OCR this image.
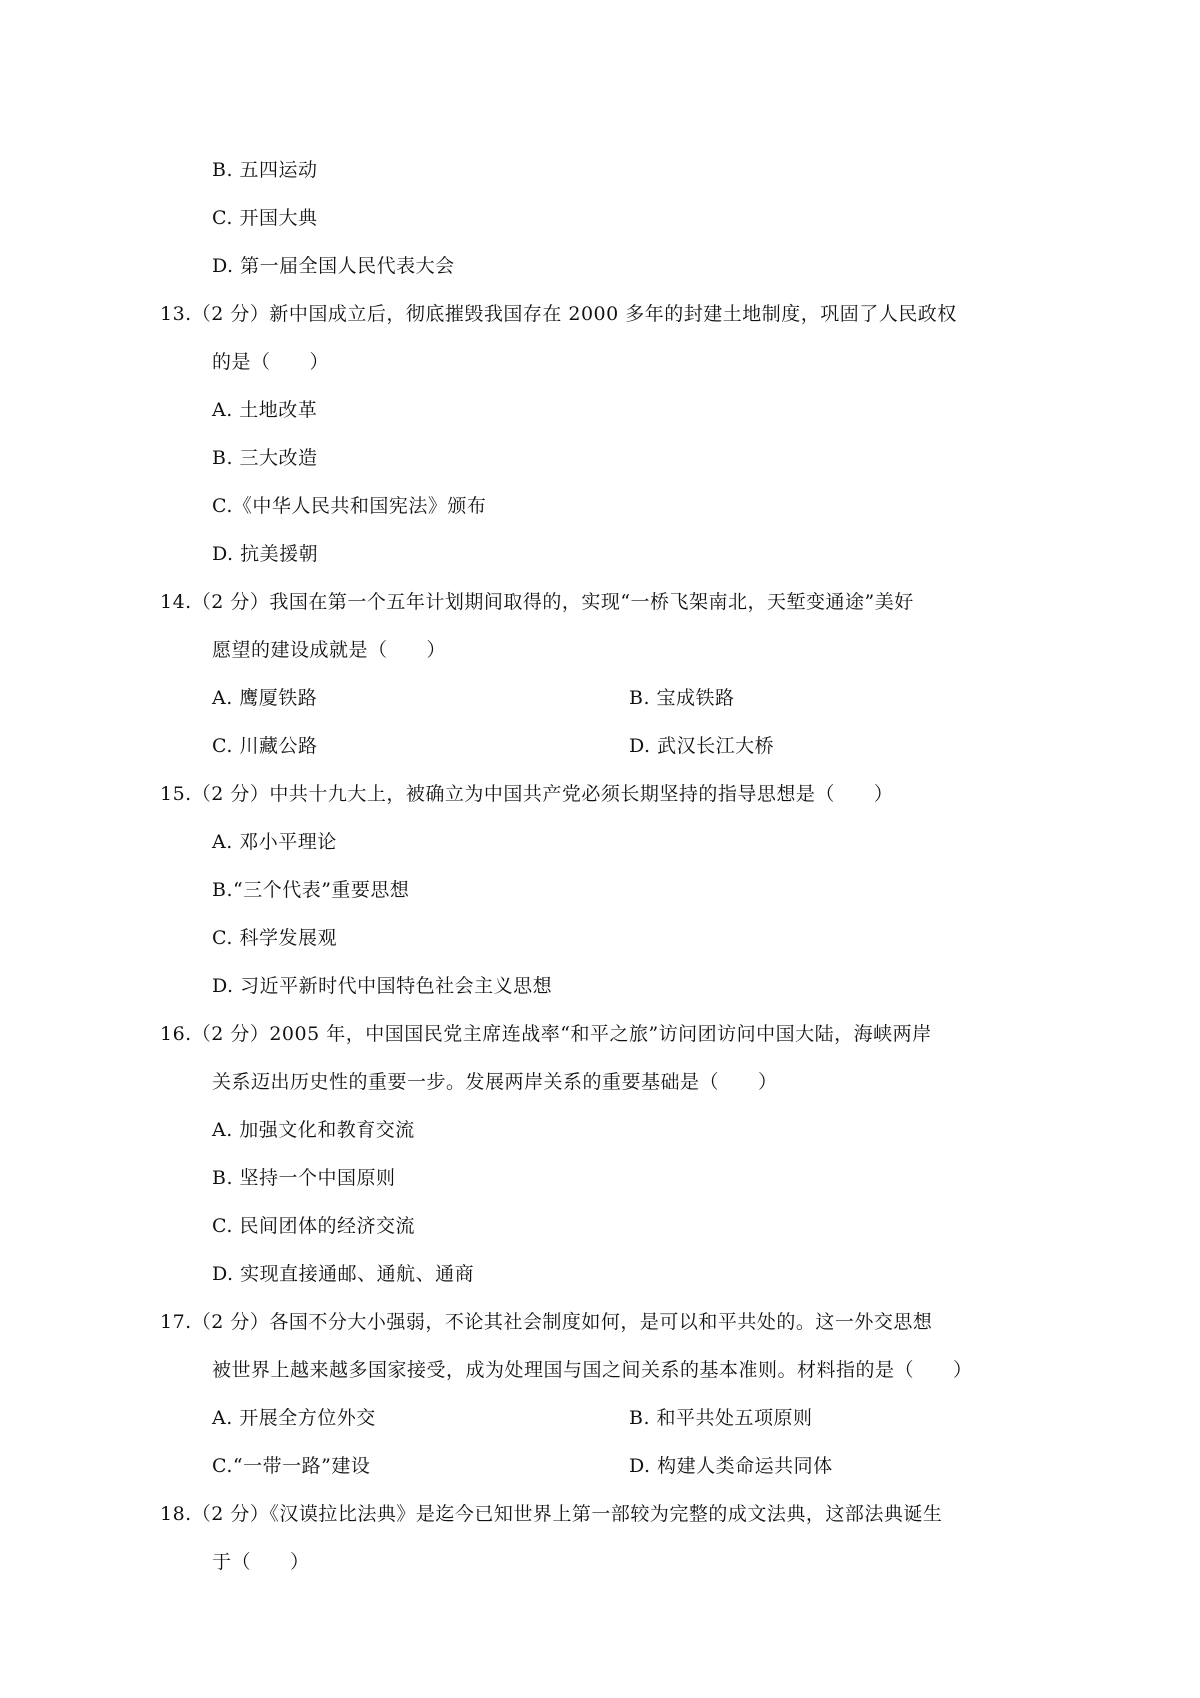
B. 五四运动
C. 开国大典
D. 第一届全国人民代表大会
13.（2 分）新中国成立后，彻底摧毁我国存在 2000 多年的封建土地制度，巩固了人民政权
的是（　　）
A. 土地改革
B. 三大改造
C.《中华人民共和国宪法》颁布
D. 抗美援朝
14.（2 分）我国在第一个五年计划期间取得的，实现“一桥飞架南北，天堑变通途”美好
愿望的建设成就是（　　）
A. 鹰厦铁路	B. 宝成铁路
C. 川藏公路	D. 武汉长江大桥
15.（2 分）中共十九大上，被确立为中国共产党必须长期坚持的指导思想是（　　）
A. 邓小平理论
B.“三个代表”重要思想
C. 科学发展观
D. 习近平新时代中国特色社会主义思想
16.（2 分）2005 年，中国国民党主席连战率“和平之旅”访问团访问中国大陆，海峡两岸
关系迈出历史性的重要一步。发展两岸关系的重要基础是（　　）
A. 加强文化和教育交流
B. 坚持一个中国原则
C. 民间团体的经济交流
D. 实现直接通邮、通航、通商
17.（2 分）各国不分大小强弱，不论其社会制度如何，是可以和平共处的。这一外交思想
被世界上越来越多国家接受，成为处理国与国之间关系的基本准则。材料指的是（　　）
A. 开展全方位外交	B. 和平共处五项原则
C.“一带一路”建设	D. 构建人类命运共同体
18.（2 分）《汉谟拉比法典》是迄今已知世界上第一部较为完整的成文法典，这部法典诞生
于（　　）
